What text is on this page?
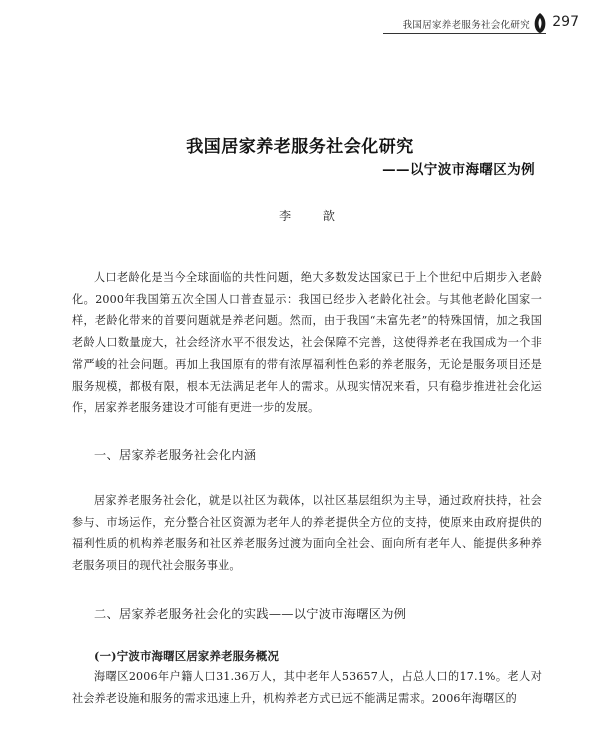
我国居家养老服务社会化研究 297
我国居家养老服务社会化研究
——以宁波市海曙区为例
李 歆

人口老龄化是当今全球面临的共性问题，绝大多数发达国家已于上个世纪中后期步入老龄化。2000年我国第五次全国人口普查显示：我国已经步入老龄化社会。与其他老龄化国家一样，老龄化带来的首要问题就是养老问题。然而，由于我国“未富先老”的特殊国情，加之我国老龄人口数量庞大，社会经济水平不很发达，社会保障不完善，这使得养老在我国成为一个非常严峻的社会问题。再加上我国原有的带有浓厚福利性色彩的养老服务，无论是服务项目还是服务规模，都极有限，根本无法满足老年人的需求。从现实情况来看，只有稳步推进社会化运作，居家养老服务建设才可能有更进一步的发展。

一、居家养老服务社会化内涵

居家养老服务社会化，就是以社区为载体，以社区基层组织为主导，通过政府扶持，社会参与、市场运作，充分整合社区资源为老年人的养老提供全方位的支持，使原来由政府提供的福利性质的机构养老服务和社区养老服务过渡为面向全社会、面向所有老年人、能提供多种养老服务项目的现代社会服务事业。

二、居家养老服务社会化的实践——以宁波市海曙区为例
(一)宁波市海曙区居家养老服务概况

海曙区2006年户籍人口31.36万人，其中老年人53657人，占总人口的17.1%。老人对社会养老设施和服务的需求迅速上升，机构养老方式已远不能满足需求。2006年海曙区的
